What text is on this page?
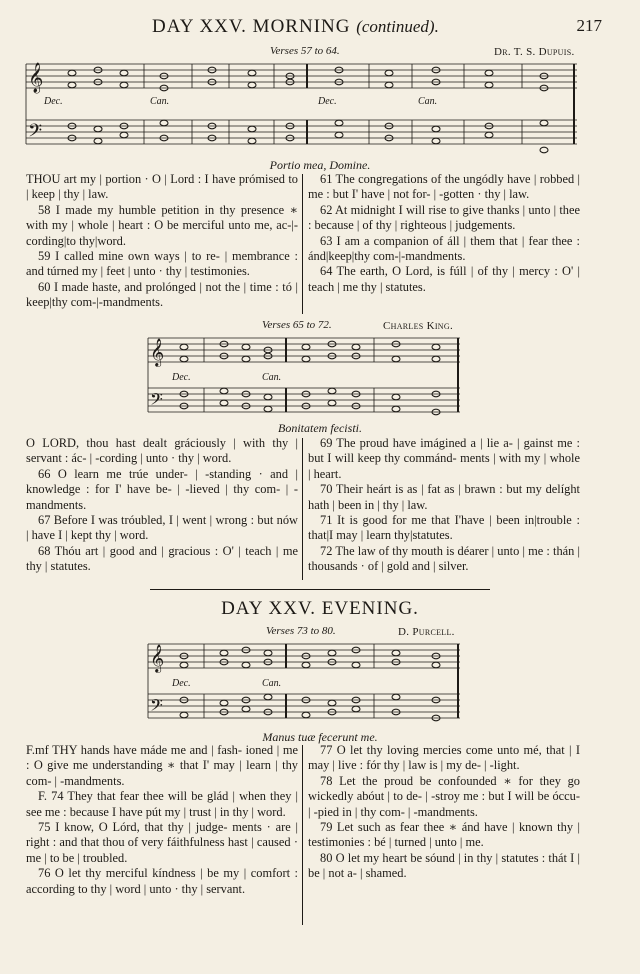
DAY XXV. MORNING (continued).	217
Verses 57 to 64.	Dr. T. S. Dupuis.
𝄞
𝄢
Dec.	Can.	Dec.	Can.
Portio mea, Domine.

THOU art my | portion · O | Lord : I have prómised to | keep | thy | law.

58 I made my humble petition in thy presence ∗ with my | whole | heart : O be merciful unto me, ac-|-cording|to thy|word.

59 I called mine own ways | to re- | membrance : and túrned my | feet | unto · thy | testimonies.

60 I made haste, and prolónged | not the | time : tó | keep|thy com-|-mandments.

61 The congregations of the ungódly have | robbed | me : but I' have | not for- | -gotten · thy | law.

62 At midnight I will rise to give thanks | unto | thee : because | of thy | righteous | judgements.

63 I am a companion of áll | them that | fear thee : ánd|keep|thy com-|-mandments.

64 The earth, O Lord, is fúll | of thy | mercy : O' | teach | me thy | statutes.

Verses 65 to 72.	Charles King.
𝄞
𝄢
Dec.	Can.
Bonitatem fecisti.

O LORD, thou hast dealt gráciously | with thy | servant : ác- | -cording | unto · thy | word.

66 O learn me trúe under- | -standing · and | knowledge : for I' have be- | -lieved | thy com- | -mandments.

67 Before I was tróubled, I | went | wrong : but nów | have I | kept thy | word.

68 Thóu art | good and | gracious : O' | teach | me thy | statutes.

69 The proud have imágined a | lie a- | gainst me : but I will keep thy commánd- ments | with my | whole | heart.

70 Their heárt is as | fat as | brawn : but my delíght hath | been in | thy | law.

71 It is good for me that I'have | been in|trouble : that|I may | learn thy|statutes.

72 The law of thy mouth is déarer | unto | me : thán | thousands · of | gold and | silver.

DAY XXV. EVENING.
Verses 73 to 80.	D. Purcell.
𝄞
𝄢
Dec.	Can.
Manus tuæ fecerunt me.

F.mf THY hands have máde me and | fash- ioned | me : O give me understanding ∗ that I' may | learn | thy com- | -mandments.

F. 74 They that fear thee will be glád | when they | see me : because I have pút my | trust | in thy | word.

75 I know, O Lórd, that thy | judge- ments · are | right : and that thou of very fáithfulness hast | caused · me | to be | troubled.

76 O let thy merciful kíndness | be my | comfort : according to thy | word | unto · thy | servant.

77 O let thy loving mercies come unto mé, that | I may | live : fór thy | law is | my de- | -light.

78 Let the proud be confounded ∗ for they go wickedly abóut | to de- | -stroy me : but I will be óccu- | -pied in | thy com- | -mandments.

79 Let such as fear thee ∗ ánd have | known thy | testimonies : bé | turned | unto | me.

80 O let my heart be sóund | in thy | statutes : thát I | be | not a- | shamed.
